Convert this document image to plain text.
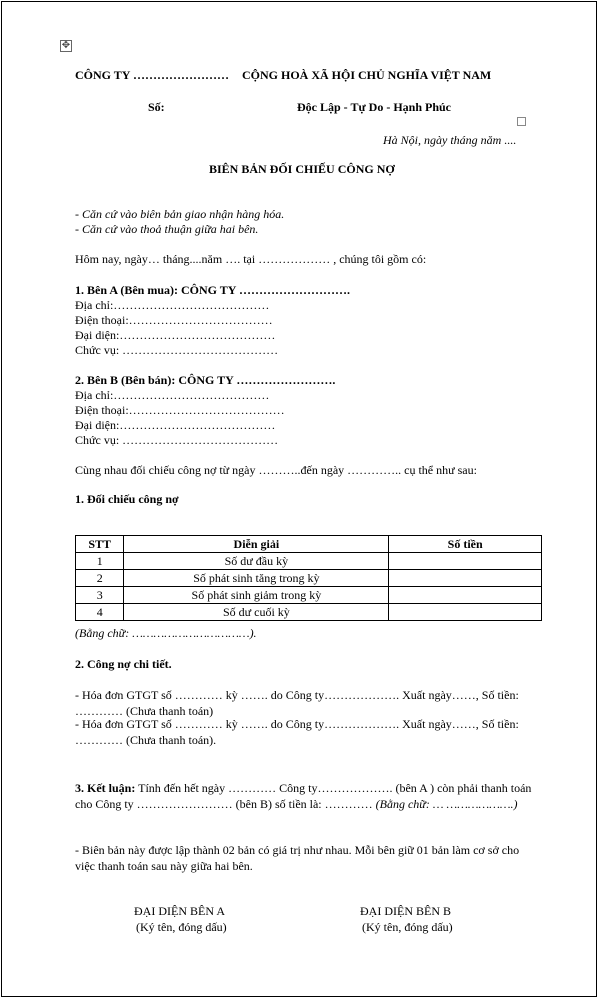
✥
CÔNG TY …………………… CỘNG HOÀ XÃ HỘI CHỦ NGHĨA VIỆT NAM
Số:	Độc Lập - Tự Do - Hạnh Phúc
Hà Nội, ngày tháng năm ....
BIÊN BẢN ĐỐI CHIẾU CÔNG NỢ
- Căn cứ vào biên bản giao nhận hàng hóa.
- Căn cứ vào thoả thuận giữa hai bên.
Hôm nay, ngày… tháng....năm …. tại ……………… , chúng tôi gồm có:
1. Bên A (Bên mua): CÔNG TY ……………………….
Địa chỉ:…………………………………
Điện thoại:………………………………
Đại diện:…………………………………
Chức vụ: …………………………………
2. Bên B (Bên bán): CÔNG TY …………………….
Địa chỉ:…………………………………
Điện thoại:…………………………………
Đại diện:…………………………………
Chức vụ: …………………………………
Cùng nhau đối chiếu công nợ từ ngày ………..đến ngày ………….. cụ thể như sau:
1. Đối chiếu công nợ
STT	Diễn giải	Số tiền
1	Số dư đầu kỳ	
2	Số phát sinh tăng trong kỳ	
3	Số phát sinh giảm trong kỳ	
4	Số dư cuối kỳ	
(Bằng chữ: ……………………………).
2. Công nợ chi tiết.
- Hóa đơn GTGT số ………… kỳ ……. do Công ty………………. Xuất ngày……, Số tiền: ………… (Chưa thanh toán)
- Hóa đơn GTGT số ………… kỳ ……. do Công ty………………. Xuất ngày……, Số tiền: ………… (Chưa thanh toán).
3. Kết luận: Tính đến hết ngày ………… Công ty………………. (bên A ) còn phải thanh toán cho Công ty …………………… (bên B) số tiền là: ………… (Bằng chữ: … ……………….)
- Biên bản này được lập thành 02 bản có giá trị như nhau. Mỗi bên giữ 01 bản làm cơ sở cho việc thanh toán sau này giữa hai bên.
ĐẠI DIỆN BÊN A
(Ký tên, đóng dấu)
ĐẠI DIỆN BÊN B
(Ký tên, đóng dấu)
